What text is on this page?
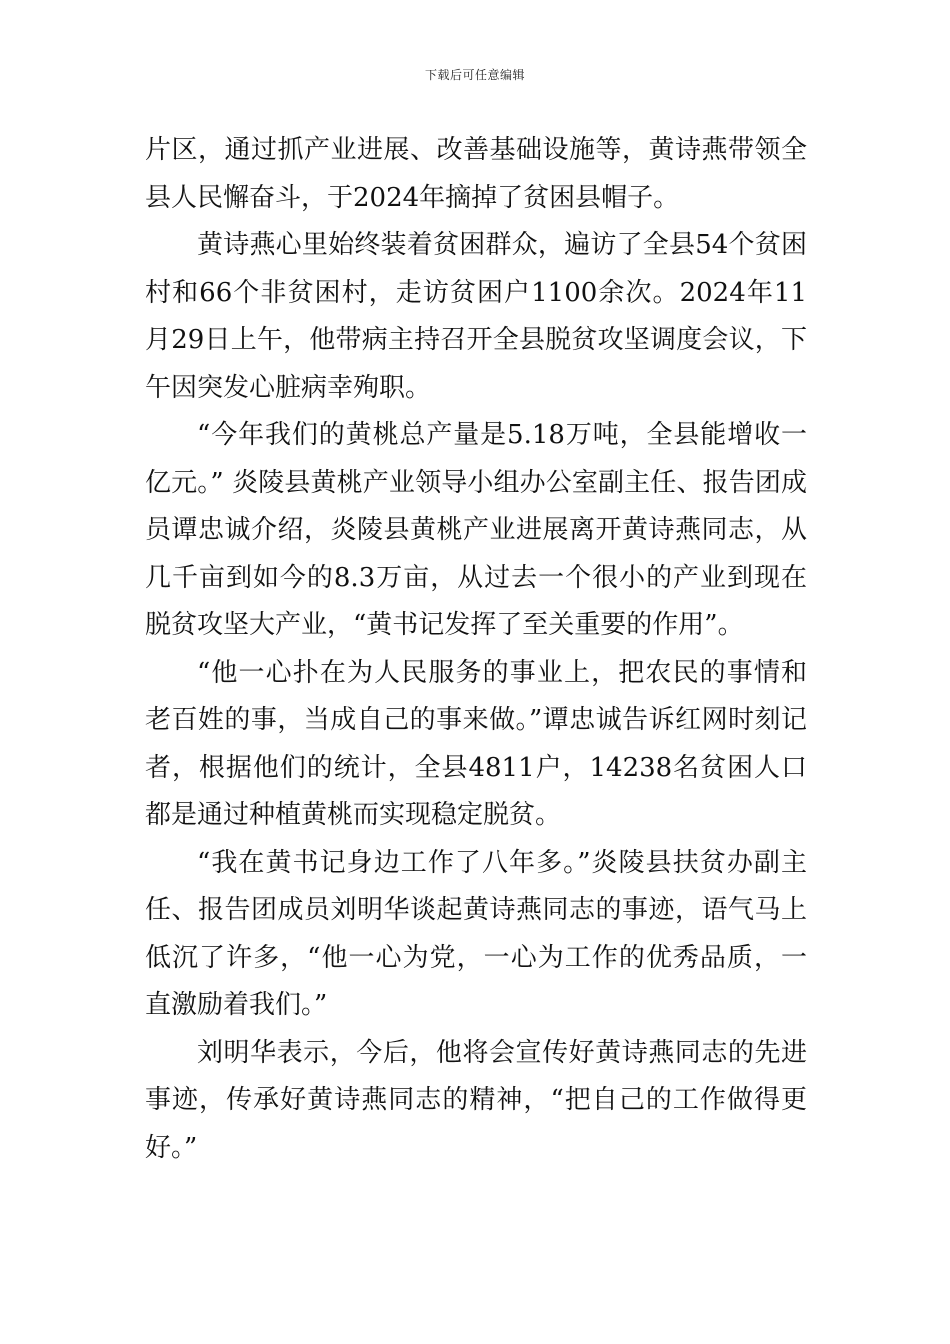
下载后可任意编辑

片区，通过抓产业进展、改善基础设施等，黄诗燕带领全县人民懈奋斗，于2024年摘掉了贫困县帽子。

黄诗燕心里始终装着贫困群众，遍访了全县54个贫困村和66个非贫困村，走访贫困户1100余次。2024年11月29日上午，他带病主持召开全县脱贫攻坚调度会议，下午因突发心脏病幸殉职。

“今年我们的黄桃总产量是5.18万吨，全县能增收一亿元。” 炎陵县黄桃产业领导小组办公室副主任、报告团成员谭忠诚介绍，炎陵县黄桃产业进展离开黄诗燕同志，从几千亩到如今的8.3万亩，从过去一个很小的产业到现在脱贫攻坚大产业，“黄书记发挥了至关重要的作用”。

“他一心扑在为人民服务的事业上，把农民的事情和老百姓的事，当成自己的事来做。”谭忠诚告诉红网时刻记者，根据他们的统计，全县4811户，14238名贫困人口都是通过种植黄桃而实现稳定脱贫。

“我在黄书记身边工作了八年多。”炎陵县扶贫办副主任、报告团成员刘明华谈起黄诗燕同志的事迹，语气马上低沉了许多，“他一心为党，一心为工作的优秀品质，一直激励着我们。”

刘明华表示，今后，他将会宣传好黄诗燕同志的先进事迹，传承好黄诗燕同志的精神，“把自己的工作做得更好。”
